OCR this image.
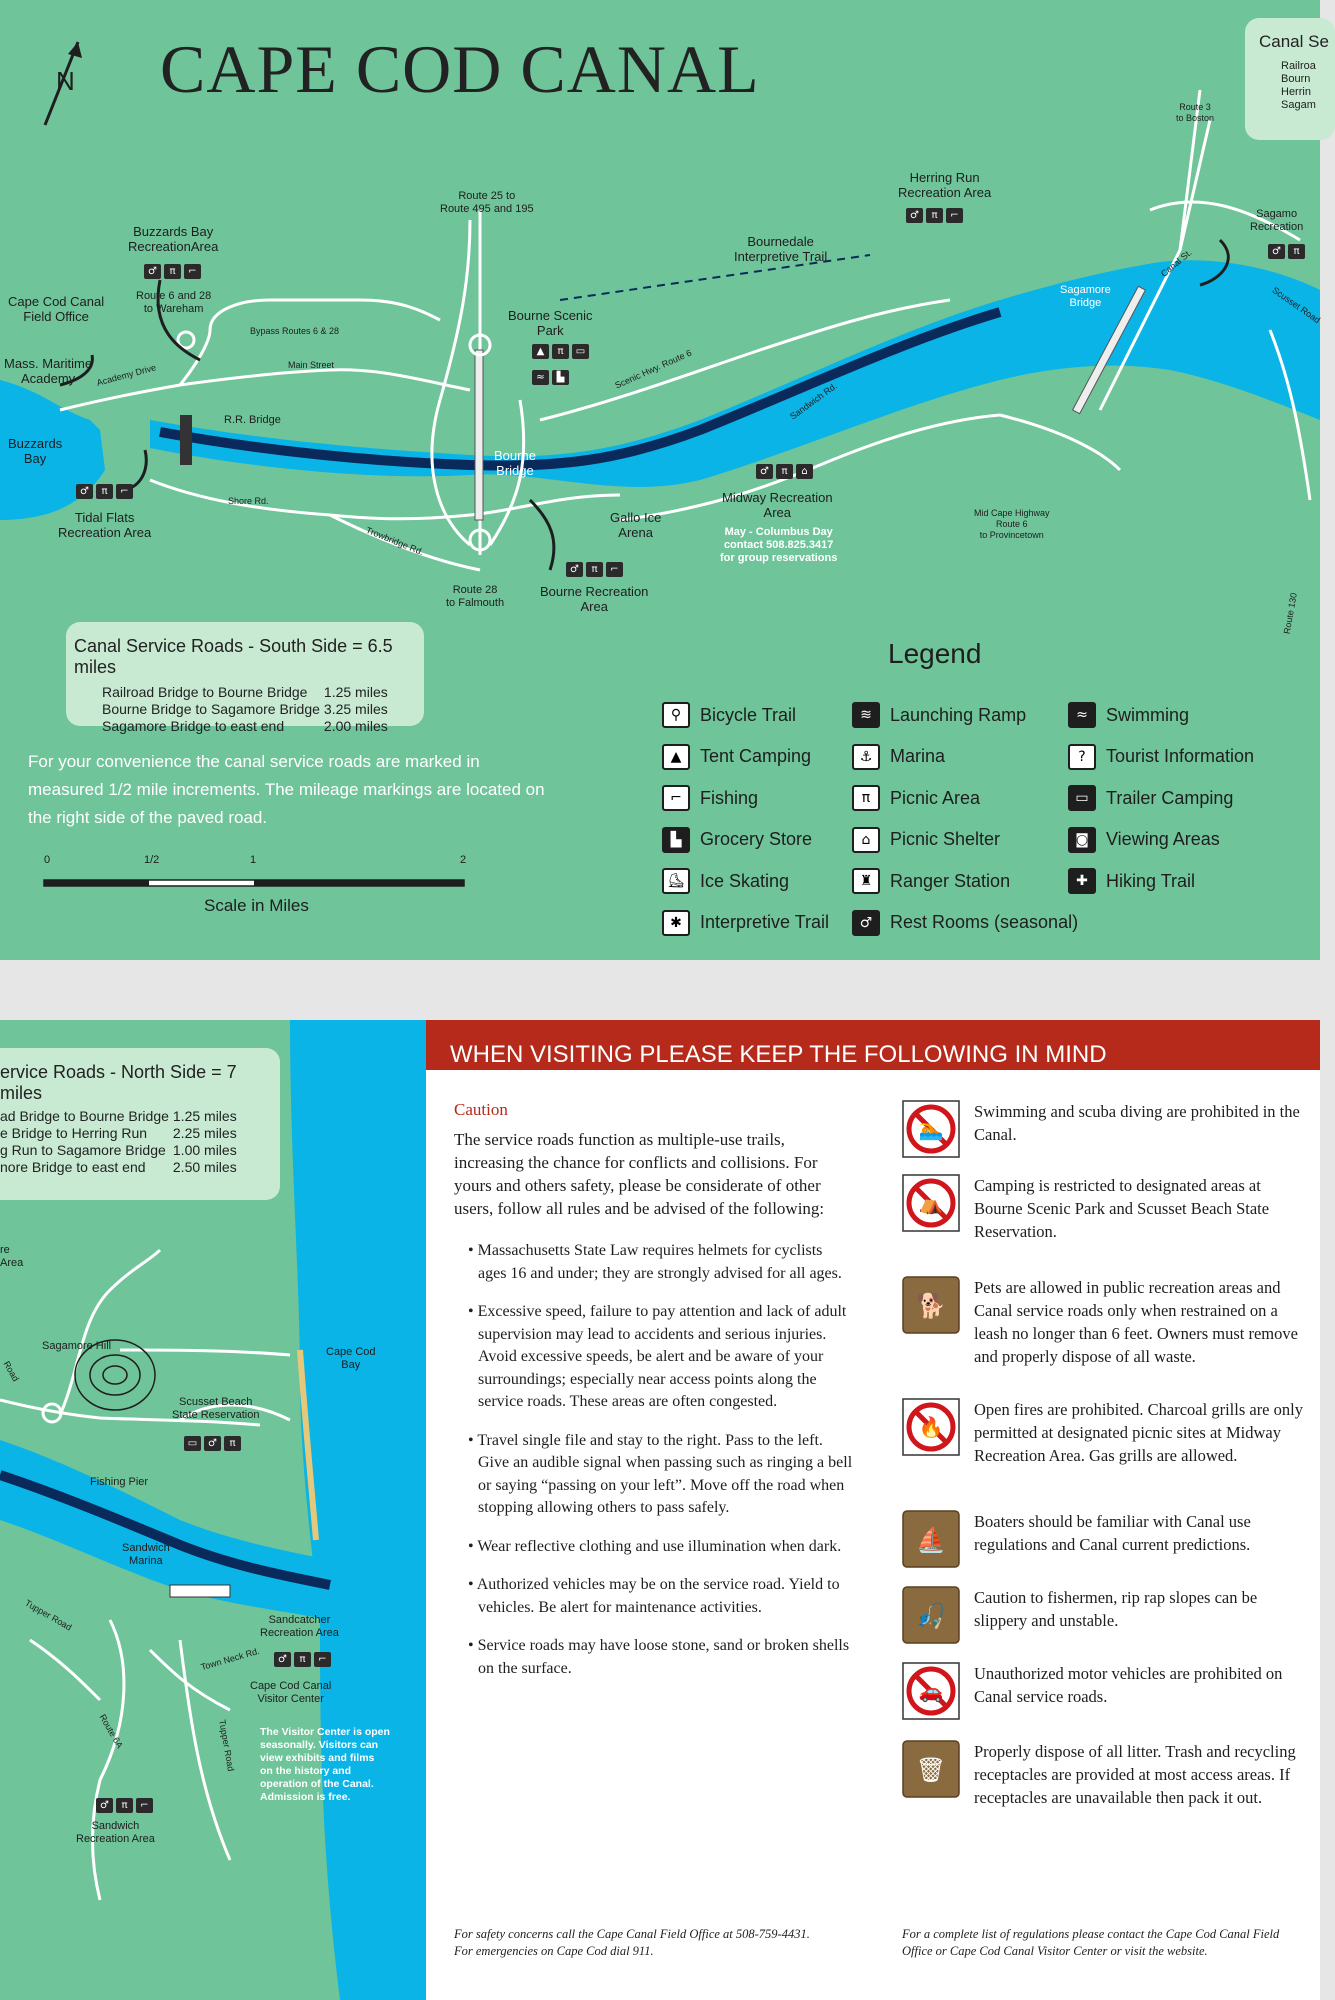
CAPE COD CANAL
N
Canal Se
Railroa
Bourn
Herrin
Sagam
Buzzards Bay
RecreationArea
♂	π	⌐
Cape Cod Canal
Field Office
Route 6 and 28
to Wareham
Mass. Maritime
Academy	Academy Drive
Bypass Routes 6 & 28
Main Street
R.R. Bridge
Buzzards
Bay
♂	π	⌐
Tidal Flats
Recreation Area
Shore Rd.
Route 25 to
Route 495 and 195
Bourne Scenic
Park
▲	π	▭
≈	▙
Bourne
Bridge
Trowbridge Rd.
Route 28
to Falmouth
♂	π	⌐
Bourne Recreation
Area
Gallo Ice
Arena
Scenic Hwy. Route 6
Bournedale
Interpretive Trail
Sandwich Rd.
♂	π	⌂
Midway Recreation
Area
May - Columbus Day
contact 508.825.3417
for group reservations
Herring Run
Recreation Area
♂	π	⌐
Sagamore
Bridge
Mid Cape Highway
Route 6
to Provincetown
Route 3
to Boston
Canal St.
Sagamo
Recreation
♂	π
Scusset Road
Route 130
Canal Service Roads - South Side = 6.5 miles
Railroad Bridge to Bourne Bridge	1.25 miles
Bourne Bridge to Sagamore Bridge	3.25 miles
Sagamore Bridge to east end	2.00 miles
For your convenience the canal service roads are marked in measured 1/2 mile increments. The mileage markings are located on the right side of the paved road.
0	1/2	1	2
Scale in Miles
Legend
⚲	Bicycle Trail
▲	Tent Camping
⌐	Fishing
▙	Grocery Store
⛸ Ice Skating
✱	Interpretive Trail
≋	Launching Ramp
⚓ Marina
π	Picnic Area
⌂	Picnic Shelter
♜ Ranger Station
♂ Rest Rooms (seasonal)
≈	Swimming
?	Tourist Information
▭ Trailer Camping
◙ Viewing Areas
✚	Hiking Trail
ervice Roads - North Side = 7 miles
ad Bridge to Bourne Bridge	1.25 miles
e Bridge to Herring Run	2.25 miles
g Run to Sagamore Bridge	1.00 miles
nore Bridge to east end	2.50 miles
re
Area
Sagamore Hill
Road
Cape Cod
Bay
Scusset Beach
State Reservation
▭	♂	π
Fishing Pier
Sandwich
Marina
Tupper Road	Sandcatcher
Recreation Area
♂	π	⌐
Town Neck Rd.
Cape Cod Canal
Visitor Center
The Visitor Center is open
seasonally. Visitors can
view exhibits and films
on the history and
operation of the Canal.
Admission is free.
Route 6A	Tupper Road
♂	π	⌐
Sandwich
Recreation Area
WHEN VISITING PLEASE KEEP THE FOLLOWING IN MIND
Caution
The service roads function as multiple-use trails, increasing the chance for conflicts and collisions. For yours and others safety, please be considerate of other users, follow all rules and be advised of the following:
• Massachusetts State Law requires helmets for cyclists ages 16 and under; they are strongly advised for all ages.
• Excessive speed, failure to pay attention and lack of adult supervision may lead to accidents and serious injuries. Avoid excessive speeds, be alert and be aware of your surroundings; especially near access points along the service roads. These areas are often congested.
• Travel single file and stay to the right. Pass to the left. Give an audible signal when passing such as ringing a bell or saying “passing on your left”. Move off the road when stopping allowing others to pass safely.
• Wear reflective clothing and use illumination when dark.
• Authorized vehicles may be on the service road. Yield to vehicles. Be alert for maintenance activities.
• Service roads may have loose stone, sand or broken shells on the surface.
🏊
Swimming and scuba diving are prohibited in the Canal.
⛺
Camping is restricted to designated areas at Bourne Scenic Park and Scusset Beach State Reservation.
🐕
Pets are allowed in public recreation areas and Canal service roads only when restrained on a leash no longer than 6 feet. Owners must remove and properly dispose of all waste.
🔥
Open fires are prohibited. Charcoal grills are only permitted at designated picnic sites at Midway Recreation Area. Gas grills are allowed.
⛵
Boaters should be familiar with Canal use regulations and Canal current predictions.
🎣
Caution to fishermen, rip rap slopes can be slippery and unstable.
🚗
Unauthorized motor vehicles are prohibited on Canal service roads.
🗑
Properly dispose of all litter. Trash and recycling receptacles are provided at most access areas. If receptacles are unavailable then pack it out.
For safety concerns call the Cape Canal Field Office at 508-759-4431.
For emergencies on Cape Cod dial 911.
For a complete list of regulations please contact the Cape Cod Canal Field Office or Cape Cod Canal Visitor Center or visit the website.
